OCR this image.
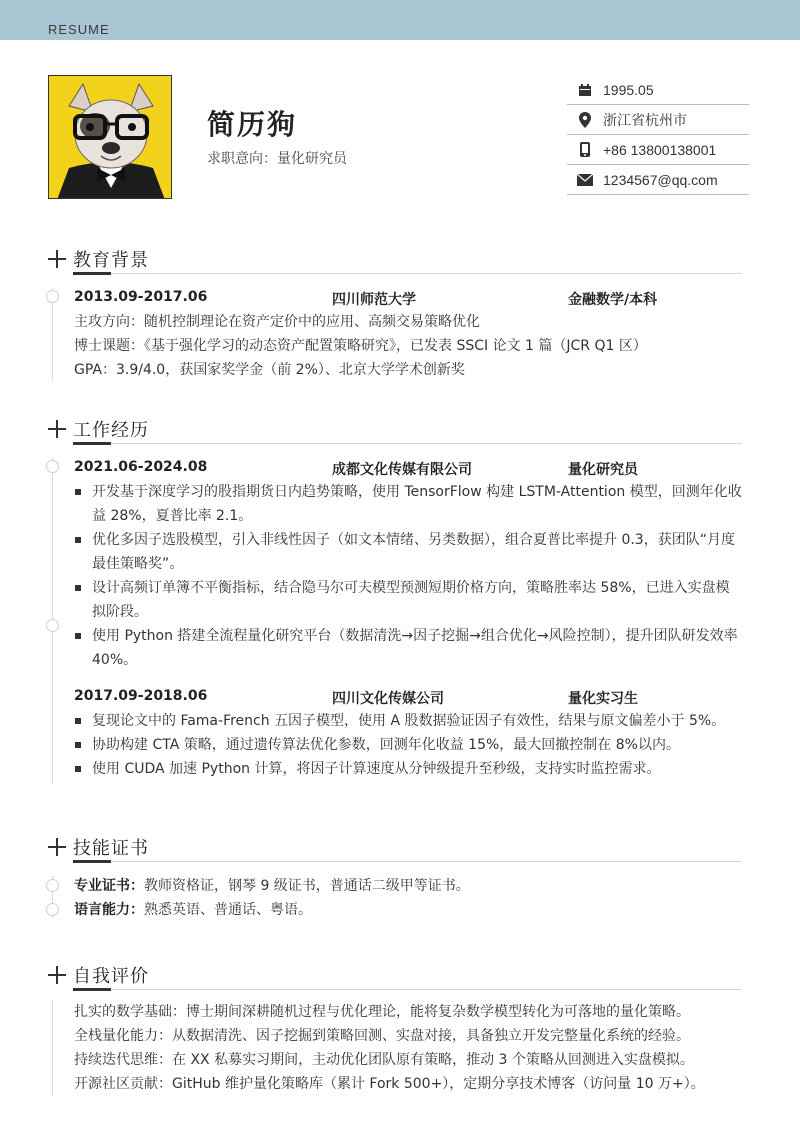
RESUME
简历狗
求职意向：量化研究员
1995.05
浙江省杭州市
+86 13800138001
1234567@qq.com
教育背景
2013.09-2017.06	四川师范大学	金融数学/本科
主攻方向：随机控制理论在资产定价中的应用、高频交易策略优化
博士课题：《基于强化学习的动态资产配置策略研究》，已发表 SSCI 论文 1 篇（JCR Q1 区）
GPA：3.9/4.0，获国家奖学金（前 2%）、北京大学学术创新奖
工作经历
2021.06-2024.08	成都文化传媒有限公司	量化研究员
开发基于深度学习的股指期货日内趋势策略，使用 TensorFlow 构建 LSTM-Attention 模型，回测年化收益 28%，夏普比率 2.1。
优化多因子选股模型，引入非线性因子（如文本情绪、另类数据），组合夏普比率提升 0.3，获团队“月度最佳策略奖”。
设计高频订单簿不平衡指标，结合隐马尔可夫模型预测短期价格方向，策略胜率达 58%，已进入实盘模拟阶段。
使用 Python 搭建全流程量化研究平台（数据清洗→因子挖掘→组合优化→风险控制），提升团队研发效率 40%。
2017.09-2018.06	四川文化传媒公司	量化实习生
复现论文中的 Fama-French 五因子模型，使用 A 股数据验证因子有效性，结果与原文偏差小于 5%。
协助构建 CTA 策略，通过遗传算法优化参数，回测年化收益 15%，最大回撤控制在 8%以内。
使用 CUDA 加速 Python 计算，将因子计算速度从分钟级提升至秒级，支持实时监控需求。
技能证书
专业证书：教师资格证，钢琴 9 级证书，普通话二级甲等证书。
语言能力：熟悉英语、普通话、粤语。
自我评价
扎实的数学基础：博士期间深耕随机过程与优化理论，能将复杂数学模型转化为可落地的量化策略。
全栈量化能力：从数据清洗、因子挖掘到策略回测、实盘对接，具备独立开发完整量化系统的经验。
持续迭代思维：在 XX 私募实习期间，主动优化团队原有策略，推动 3 个策略从回测进入实盘模拟。
开源社区贡献：GitHub 维护量化策略库（累计 Fork 500+），定期分享技术博客（访问量 10 万+）。
